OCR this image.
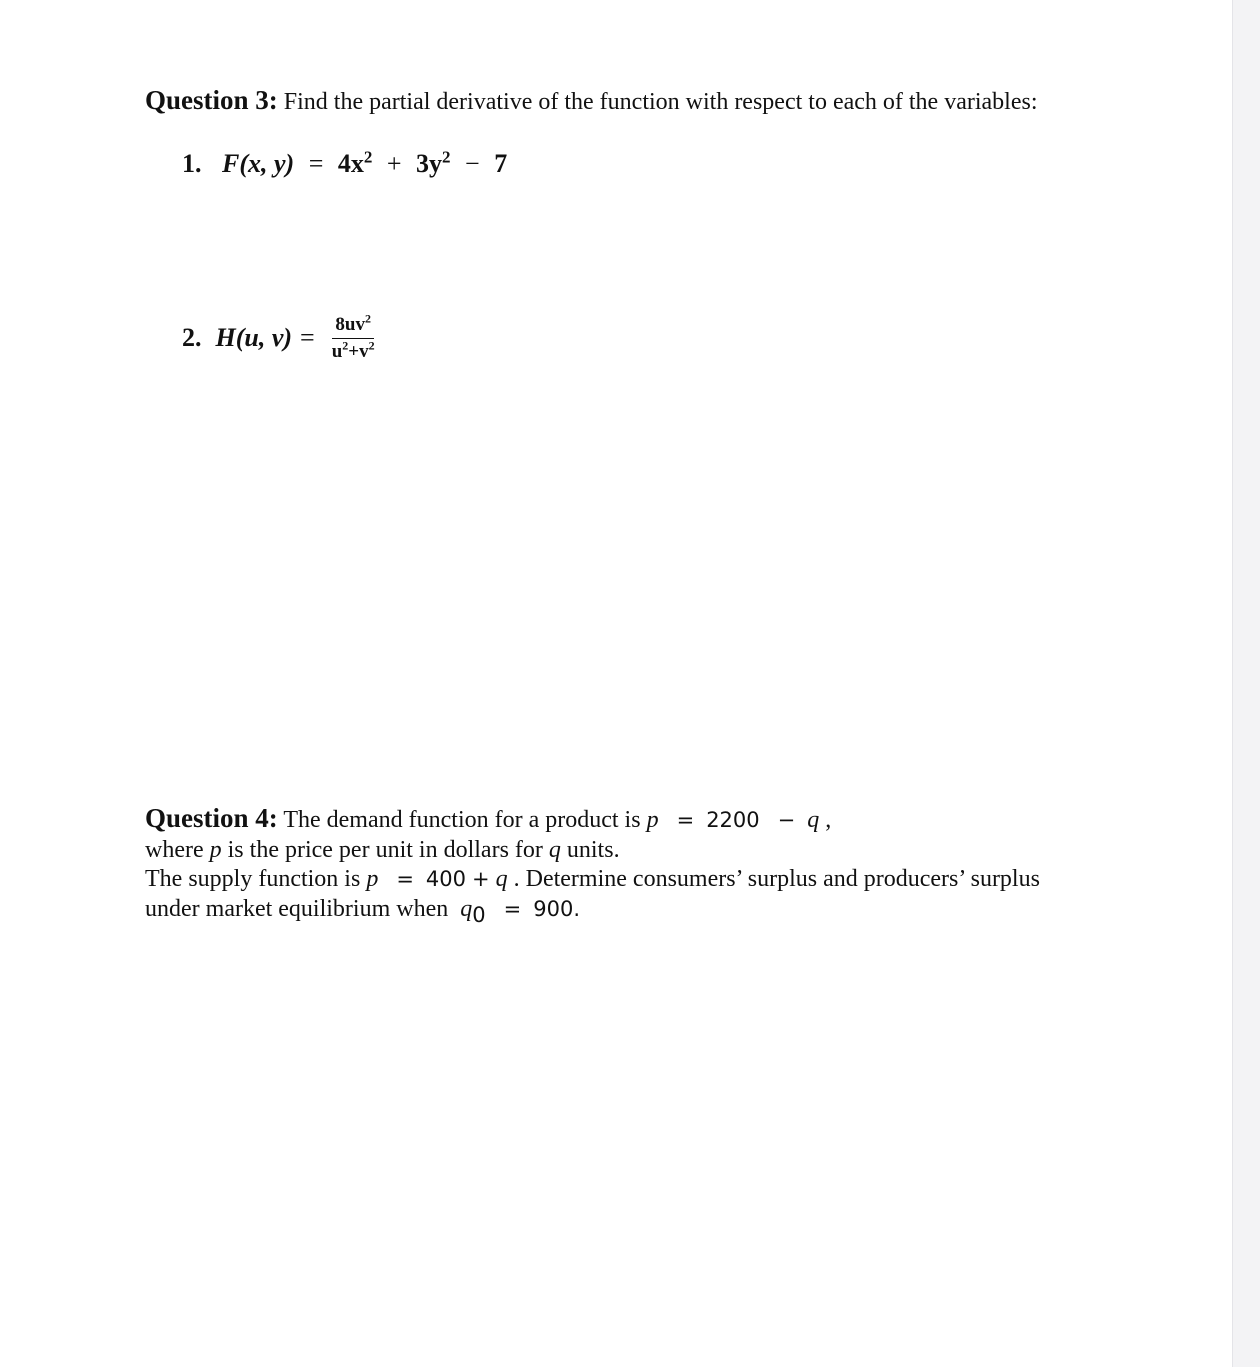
Question 3: Find the partial derivative of the function with respect to each of the variables:
1. F(x, $y) = 4x^2 + 3y^2 - 7$
2. H(u, $v) = \frac{8uv^2}{u^2+v^2}$
Question 4: The demand function for a product is p = 2200 − q ,
where p is the price per unit in dollars for q units.
The supply function is p = 400 + q . Determine consumers’ surplus and producers’ surplus
under market equilibrium when $q_0 = 900$.
